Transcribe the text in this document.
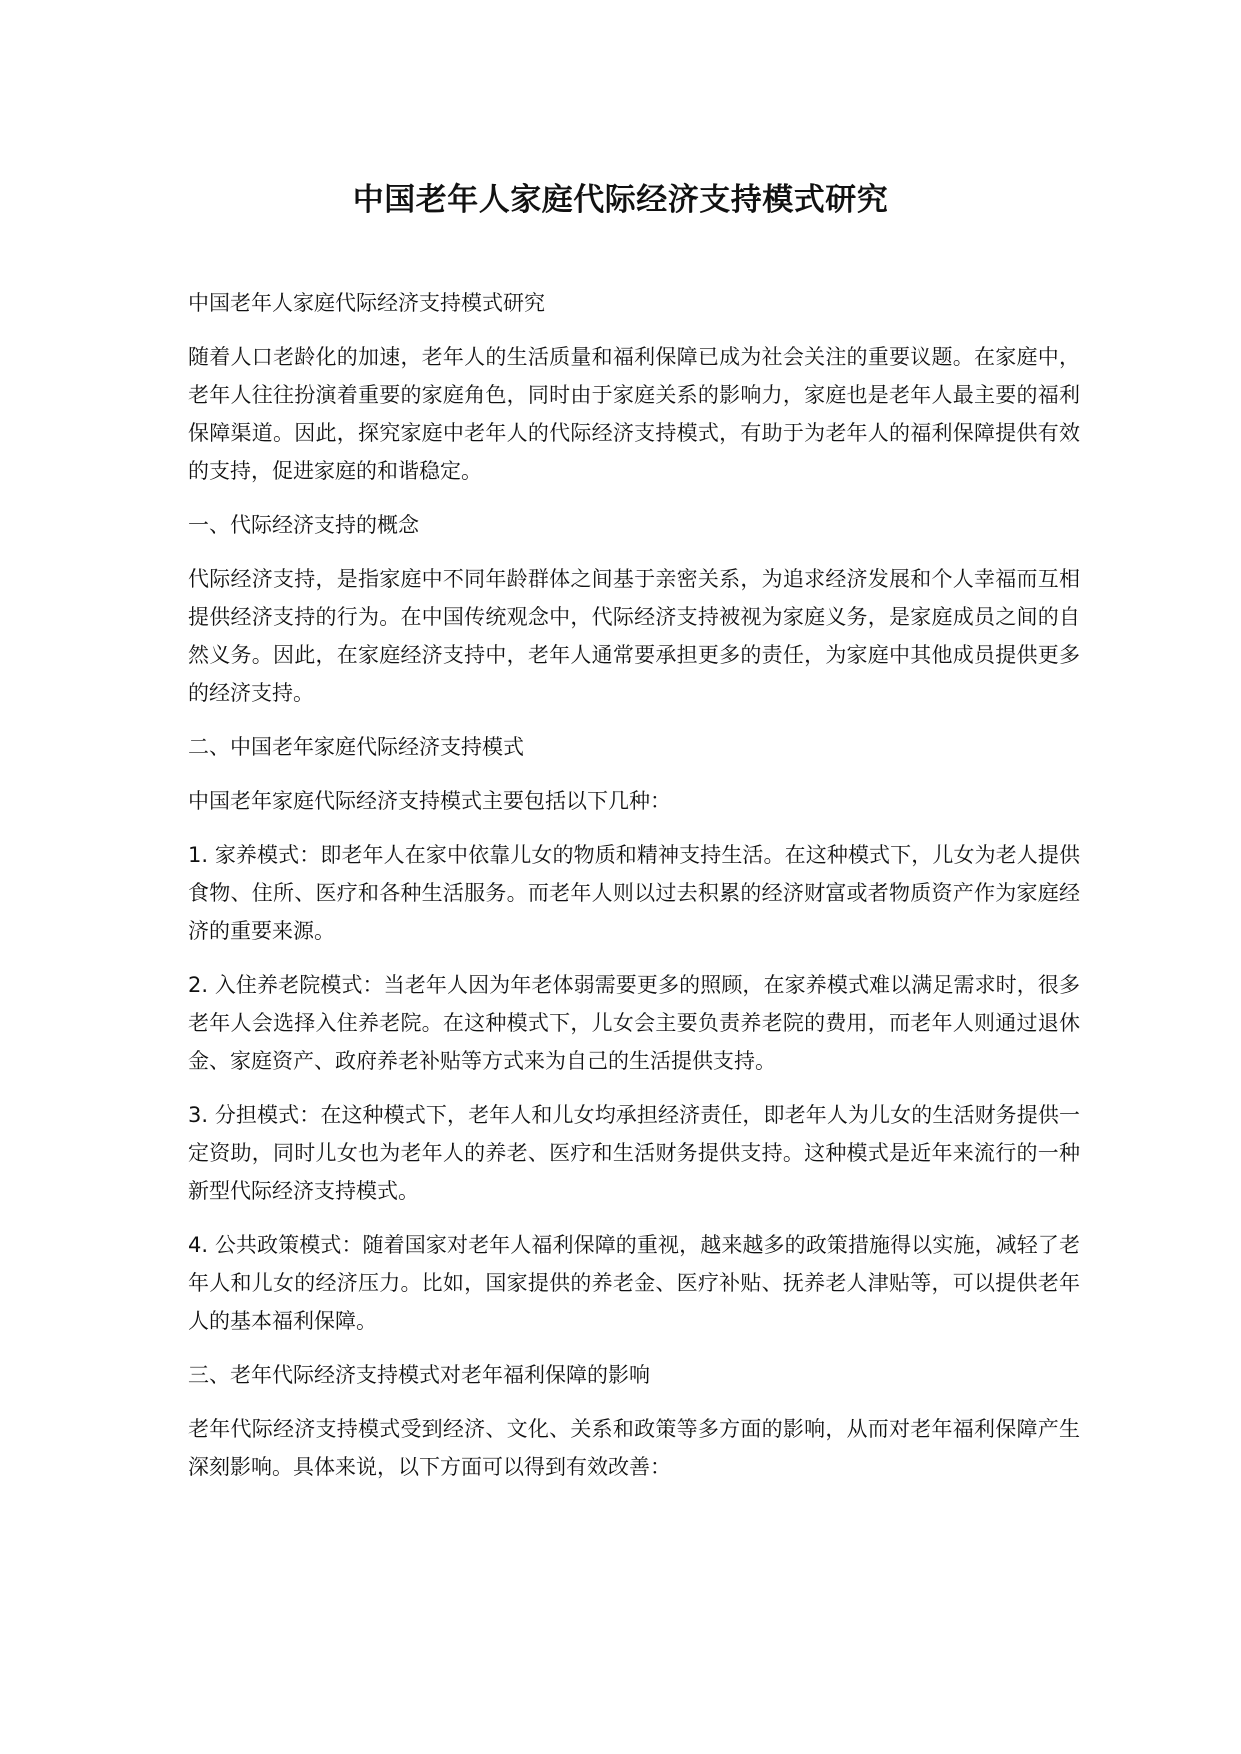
中国老年人家庭代际经济支持模式研究

中国老年人家庭代际经济支持模式研究

随着人口老龄化的加速，老年人的生活质量和福利保障已成为社会关注的重要议题。在家庭中，老年人往往扮演着重要的家庭角色，同时由于家庭关系的影响力，家庭也是老年人最主要的福利保障渠道。因此，探究家庭中老年人的代际经济支持模式，有助于为老年人的福利保障提供有效的支持，促进家庭的和谐稳定。

一、代际经济支持的概念

代际经济支持，是指家庭中不同年龄群体之间基于亲密关系，为追求经济发展和个人幸福而互相提供经济支持的行为。在中国传统观念中，代际经济支持被视为家庭义务，是家庭成员之间的自然义务。因此，在家庭经济支持中，老年人通常要承担更多的责任，为家庭中其他成员提供更多的经济支持。

二、中国老年家庭代际经济支持模式

中国老年家庭代际经济支持模式主要包括以下几种：

1. 家养模式：即老年人在家中依靠儿女的物质和精神支持生活。在这种模式下，儿女为老人提供食物、住所、医疗和各种生活服务。而老年人则以过去积累的经济财富或者物质资产作为家庭经济的重要来源。

2. 入住养老院模式：当老年人因为年老体弱需要更多的照顾，在家养模式难以满足需求时，很多老年人会选择入住养老院。在这种模式下，儿女会主要负责养老院的费用，而老年人则通过退休金、家庭资产、政府养老补贴等方式来为自己的生活提供支持。

3. 分担模式：在这种模式下，老年人和儿女均承担经济责任，即老年人为儿女的生活财务提供一定资助，同时儿女也为老年人的养老、医疗和生活财务提供支持。这种模式是近年来流行的一种新型代际经济支持模式。

4. 公共政策模式：随着国家对老年人福利保障的重视，越来越多的政策措施得以实施，减轻了老年人和儿女的经济压力。比如，国家提供的养老金、医疗补贴、抚养老人津贴等，可以提供老年人的基本福利保障。

三、老年代际经济支持模式对老年福利保障的影响

老年代际经济支持模式受到经济、文化、关系和政策等多方面的影响，从而对老年福利保障产生深刻影响。具体来说，以下方面可以得到有效改善：
